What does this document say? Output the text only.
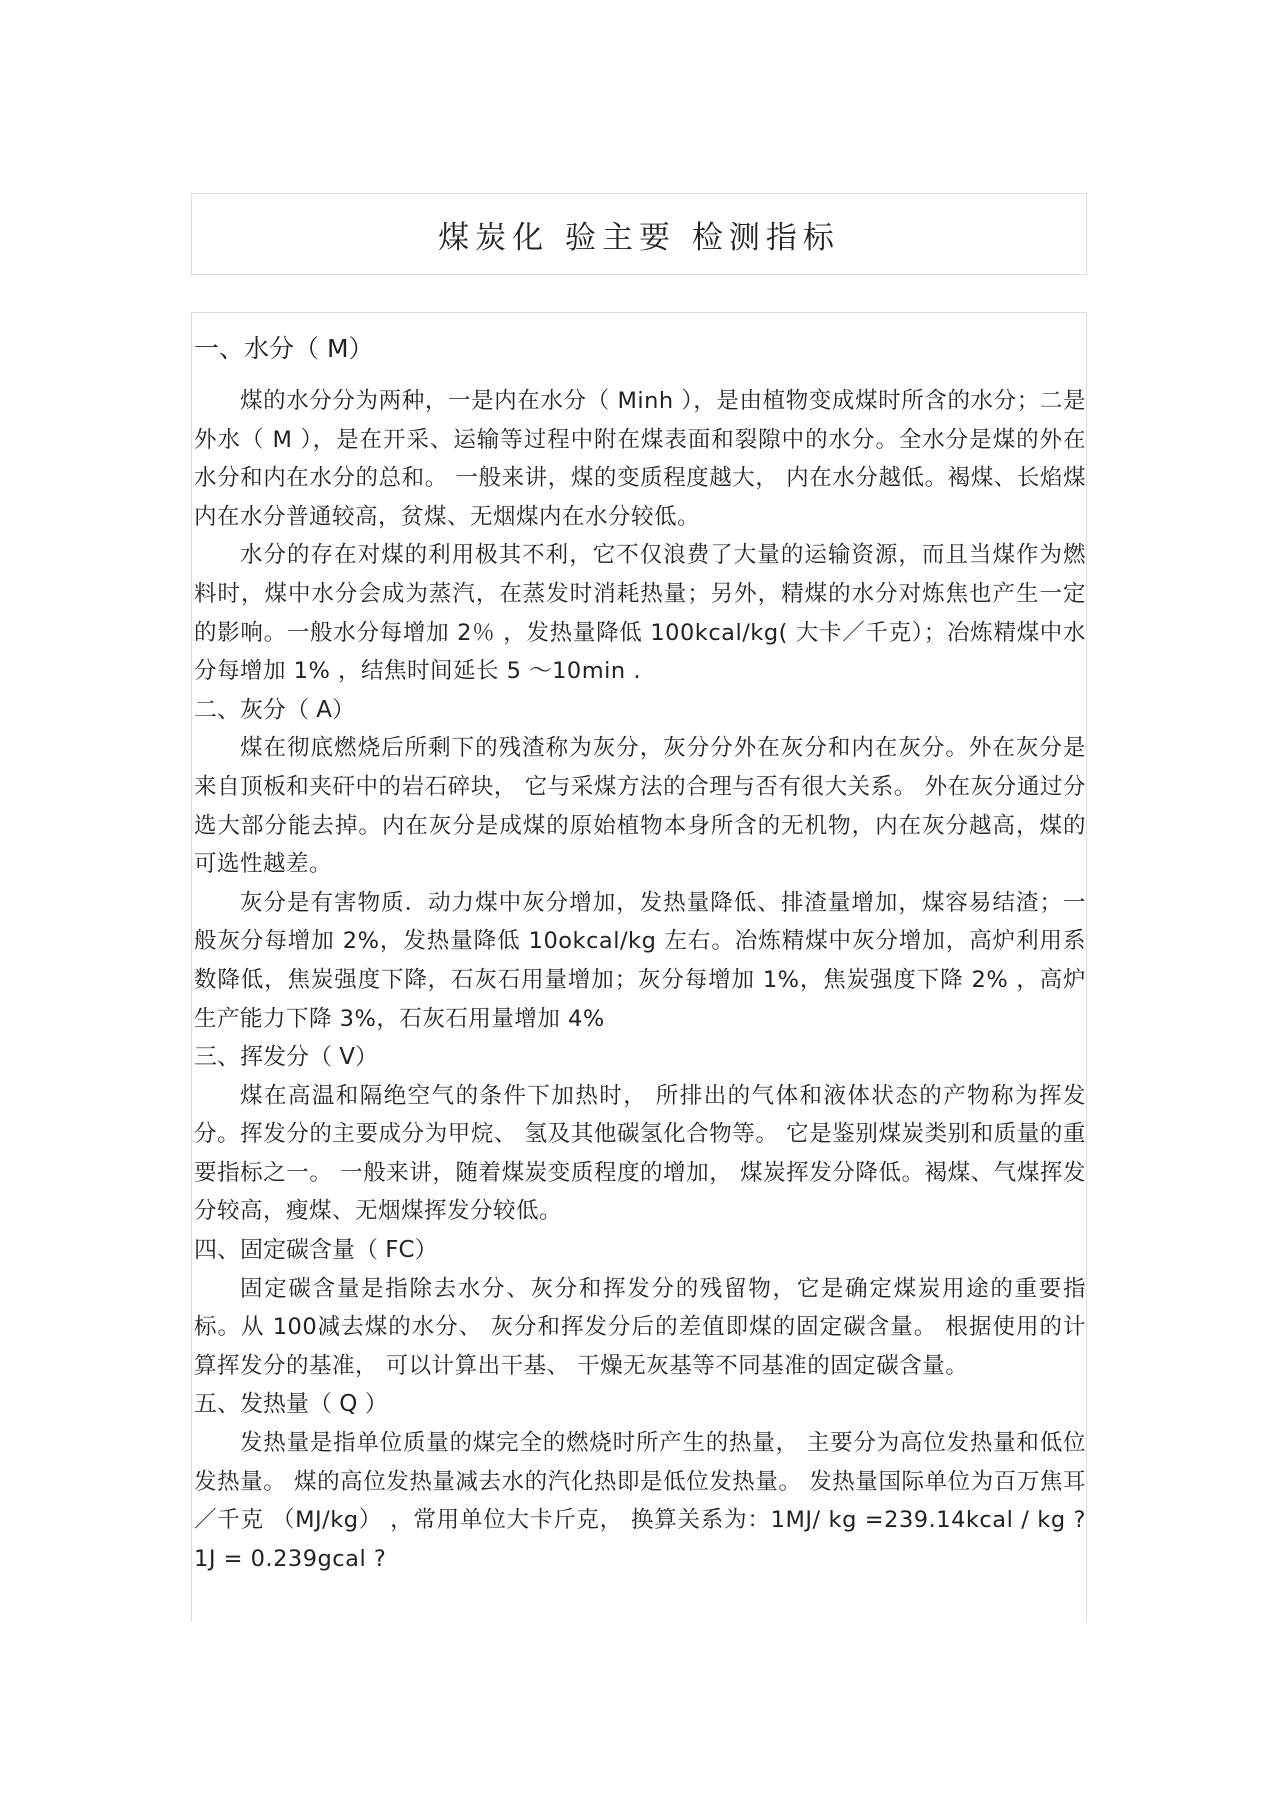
煤炭化 验主要 检测指标
一、水分（ M）

煤的水分分为两种，一是内在水分（ Minh ），是由植物变成煤时所含的水分；二是外水（ M ），是在开采、运输等过程中附在煤表面和裂隙中的水分。全水分是煤的外在水分和内在水分的总和。 一般来讲，煤的变质程度越大， 内在水分越低。褐煤、长焰煤内在水分普通较高，贫煤、无烟煤内在水分较低。

水分的存在对煤的利用极其不利，它不仅浪费了大量的运输资源，而且当煤作为燃料时，煤中水分会成为蒸汽，在蒸发时消耗热量；另外，精煤的水分对炼焦也产生一定的影响。一般水分每增加 2％ ，发热量降低 100kcal/kg( 大卡／千克）；冶炼精煤中水分每增加 1% ，结焦时间延长 5 ～10min .

二、灰分（ A）

煤在彻底燃烧后所剩下的残渣称为灰分，灰分分外在灰分和内在灰分。外在灰分是来自顶板和夹矸中的岩石碎块， 它与采煤方法的合理与否有很大关系。 外在灰分通过分选大部分能去掉。内在灰分是成煤的原始植物本身所含的无机物，内在灰分越高，煤的可选性越差。

灰分是有害物质．动力煤中灰分增加，发热量降低、排渣量增加，煤容易结渣；一般灰分每增加 2%，发热量降低 10okcal/kg 左右。冶炼精煤中灰分增加，高炉利用系数降低，焦炭强度下降，石灰石用量增加；灰分每增加 1%，焦炭强度下降 2% ，高炉生产能力下降 3%，石灰石用量增加 4%

三、挥发分（ V）

煤在高温和隔绝空气的条件下加热时， 所排出的气体和液体状态的产物称为挥发分。挥发分的主要成分为甲烷、 氢及其他碳氢化合物等。 它是鉴别煤炭类别和质量的重要指标之一。 一般来讲，随着煤炭变质程度的增加， 煤炭挥发分降低。褐煤、气煤挥发分较高，瘦煤、无烟煤挥发分较低。

四、固定碳含量（ FC）

固定碳含量是指除去水分、灰分和挥发分的残留物，它是确定煤炭用途的重要指标。从 100减去煤的水分、 灰分和挥发分后的差值即煤的固定碳含量。 根据使用的计算挥发分的基准， 可以计算出干基、 干燥无灰基等不同基准的固定碳含量。

五、发热量（ Q ）

发热量是指单位质量的煤完全的燃烧时所产生的热量， 主要分为高位发热量和低位发热量。 煤的高位发热量减去水的汽化热即是低位发热量。 发热量国际单位为百万焦耳／千克 （MJ/kg） ，常用单位大卡斤克， 换算关系为：1MJ/ kg =239.14kcal / kg ? 1J = 0.239gcal ?
